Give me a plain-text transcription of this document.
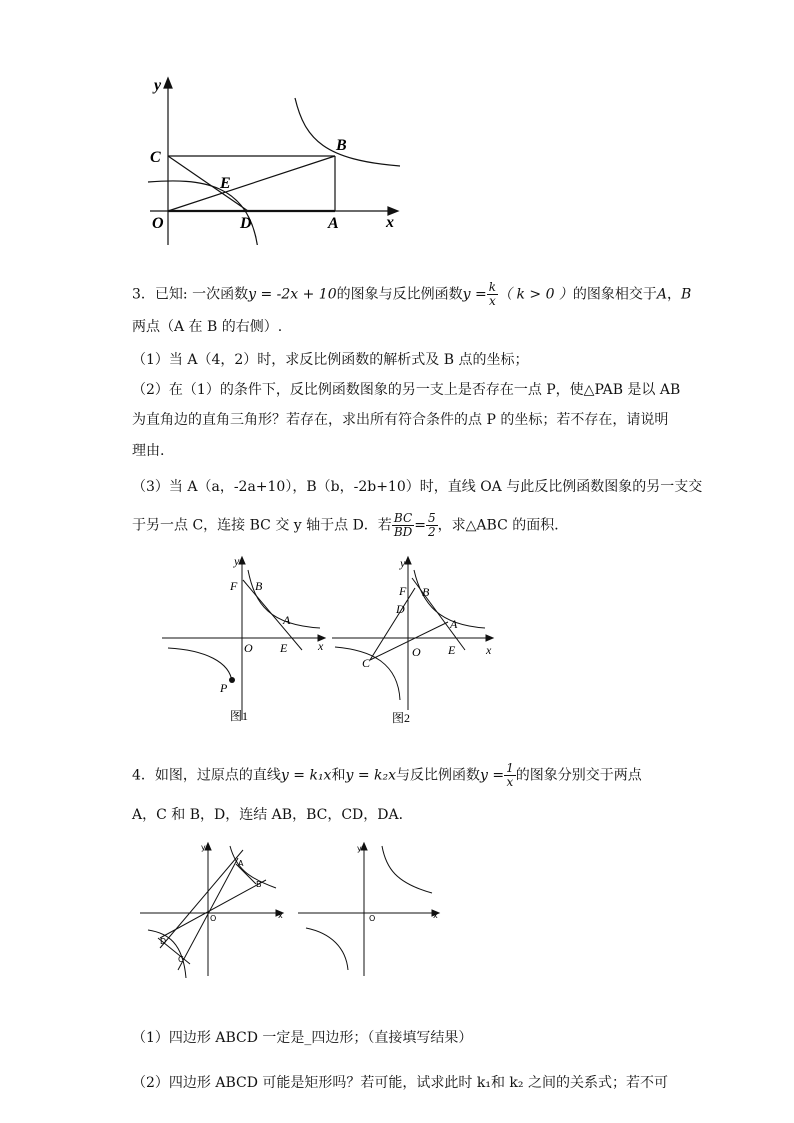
y
x
C
B
E
O	D	A
3．已知: 一次函数y = -2x + 10的图象与反比例函数$y = \frac{k}{x}$ （ k > 0 ）的图象相交于A，B
两点（A 在 B 的右侧）.
（1）当 A（4，2）时，求反比例函数的解析式及 B 点的坐标；
（2）在（1）的条件下，反比例函数图象的另一支上是否存在一点 P，使△PAB 是以 AB
为直角边的直角三角形？若存在，求出所有符合条件的点 P 的坐标；若不存在，请说明
理由.
（3）当 A（a，-2a+10），B（b，-2b+10）时，直线 OA 与此反比例函数图象的另一支交
于另一点 C，连接 BC 交 y 轴于点 D．若 $\frac{BC}{BD} = \frac{5}{2}$ ，求△ABC 的面积．
y
x
F B
A
O E
P
图1
y
x
F B
D
A
O E
C
图2
4．如图，过原点的直线y = k₁x和y = k₂x与反比例函数$y = \frac{1}{x}$ 的图象分别交于两点
A，C 和 B，D，连结 AB，BC，CD，DA．
y
x
A
B
O
D
C
y
x
O
（1）四边形 ABCD 一定是_四边形；（直接填写结果）
（2）四边形 ABCD 可能是矩形吗？若可能，试求此时 k₁和 k₂ 之间的关系式；若不可
